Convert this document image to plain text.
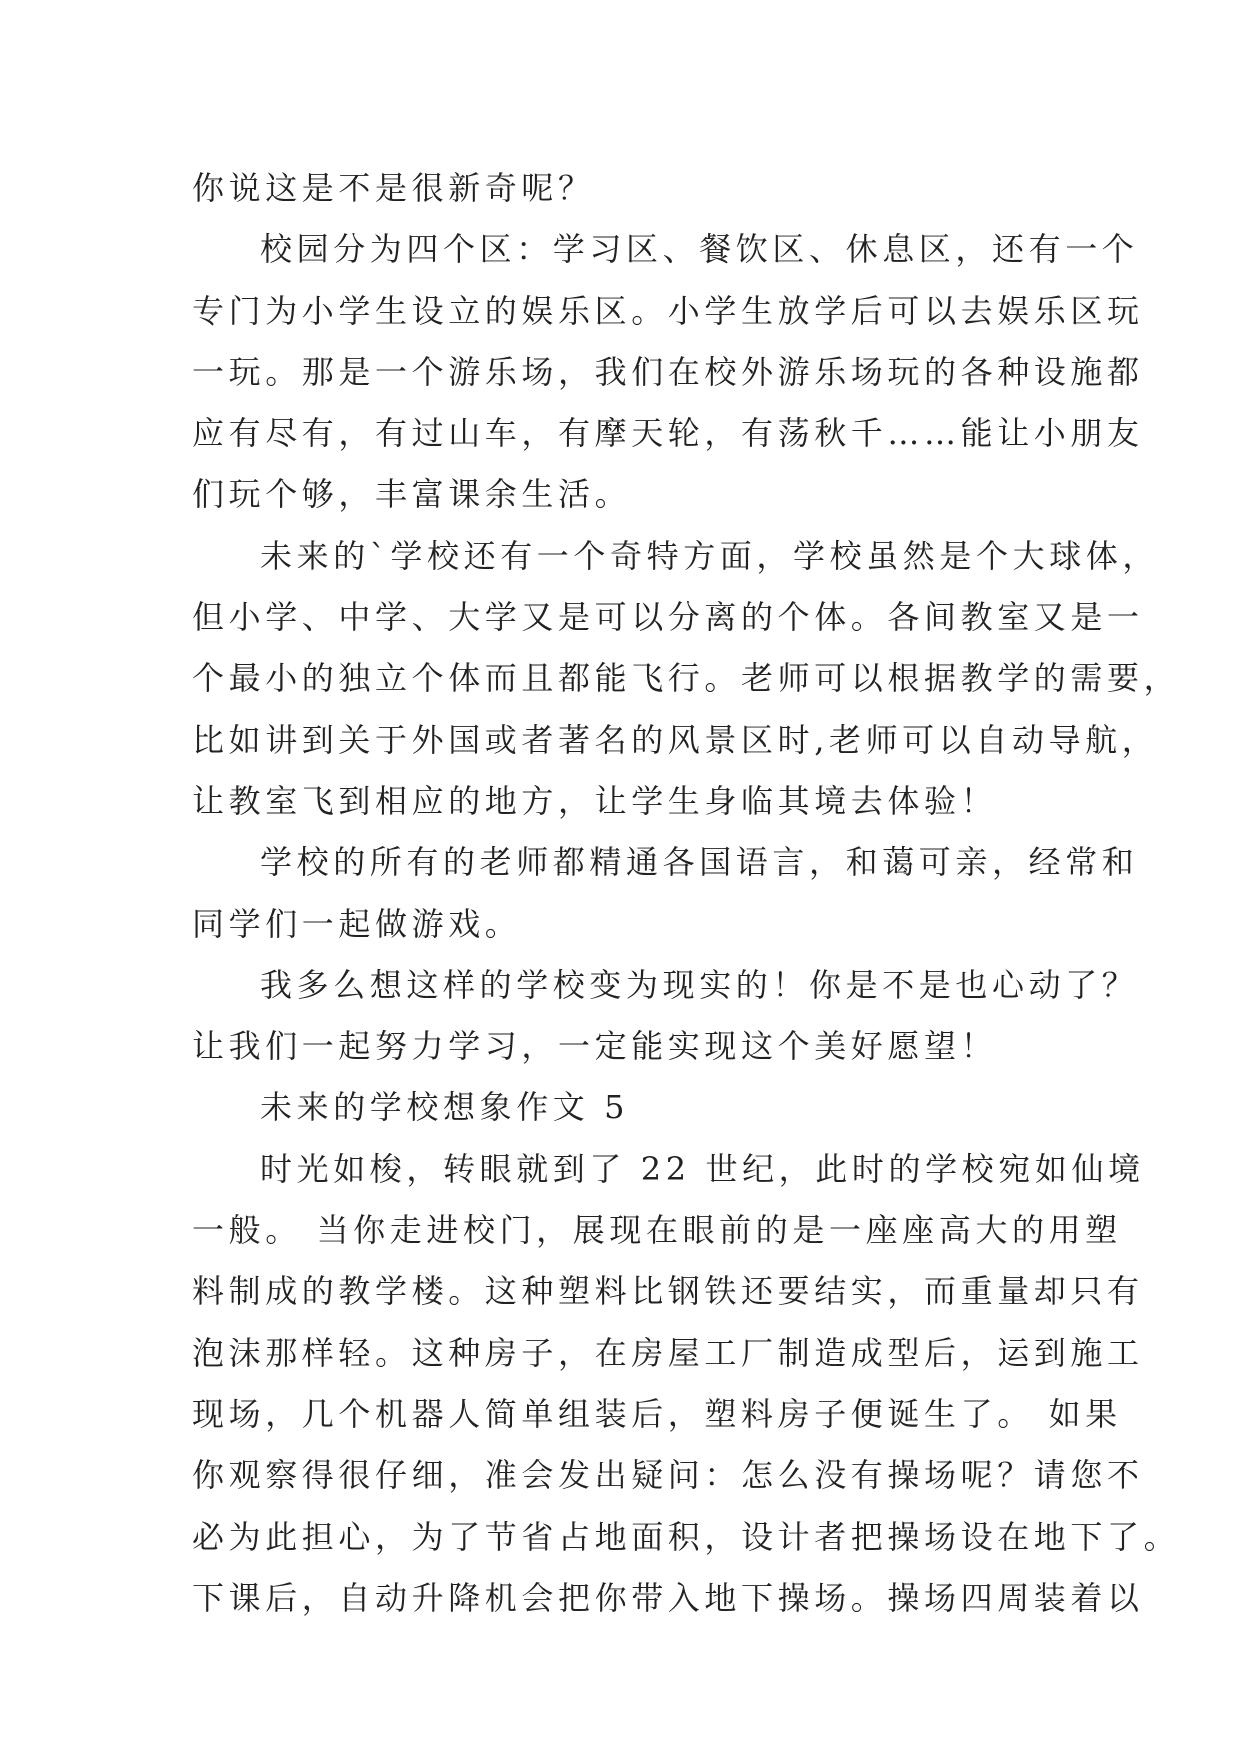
你说这是不是很新奇呢？
校园分为四个区：学习区、餐饮区、休息区，还有一个
专门为小学生设立的娱乐区。小学生放学后可以去娱乐区玩
一玩。那是一个游乐场，我们在校外游乐场玩的各种设施都
应有尽有，有过山车，有摩天轮，有荡秋千……能让小朋友
们玩个够，丰富课余生活。
未来的`学校还有一个奇特方面，学校虽然是个大球体，
但小学、中学、大学又是可以分离的个体。各间教室又是一
个最小的独立个体而且都能飞行。老师可以根据教学的需要，
比如讲到关于外国或者著名的风景区时,老师可以自动导航，
让教室飞到相应的地方，让学生身临其境去体验！
学校的所有的老师都精通各国语言，和蔼可亲，经常和
同学们一起做游戏。
我多么想这样的学校变为现实的！你是不是也心动了？
让我们一起努力学习，一定能实现这个美好愿望！
未来的学校想象作文 5
时光如梭，转眼就到了 22 世纪，此时的学校宛如仙境
一般。 当你走进校门，展现在眼前的是一座座高大的用塑
料制成的教学楼。这种塑料比钢铁还要结实，而重量却只有
泡沫那样轻。这种房子，在房屋工厂制造成型后，运到施工
现场，几个机器人简单组装后，塑料房子便诞生了。 如果
你观察得很仔细，准会发出疑问：怎么没有操场呢？请您不
必为此担心，为了节省占地面积，设计者把操场设在地下了。
下课后，自动升降机会把你带入地下操场。操场四周装着以
